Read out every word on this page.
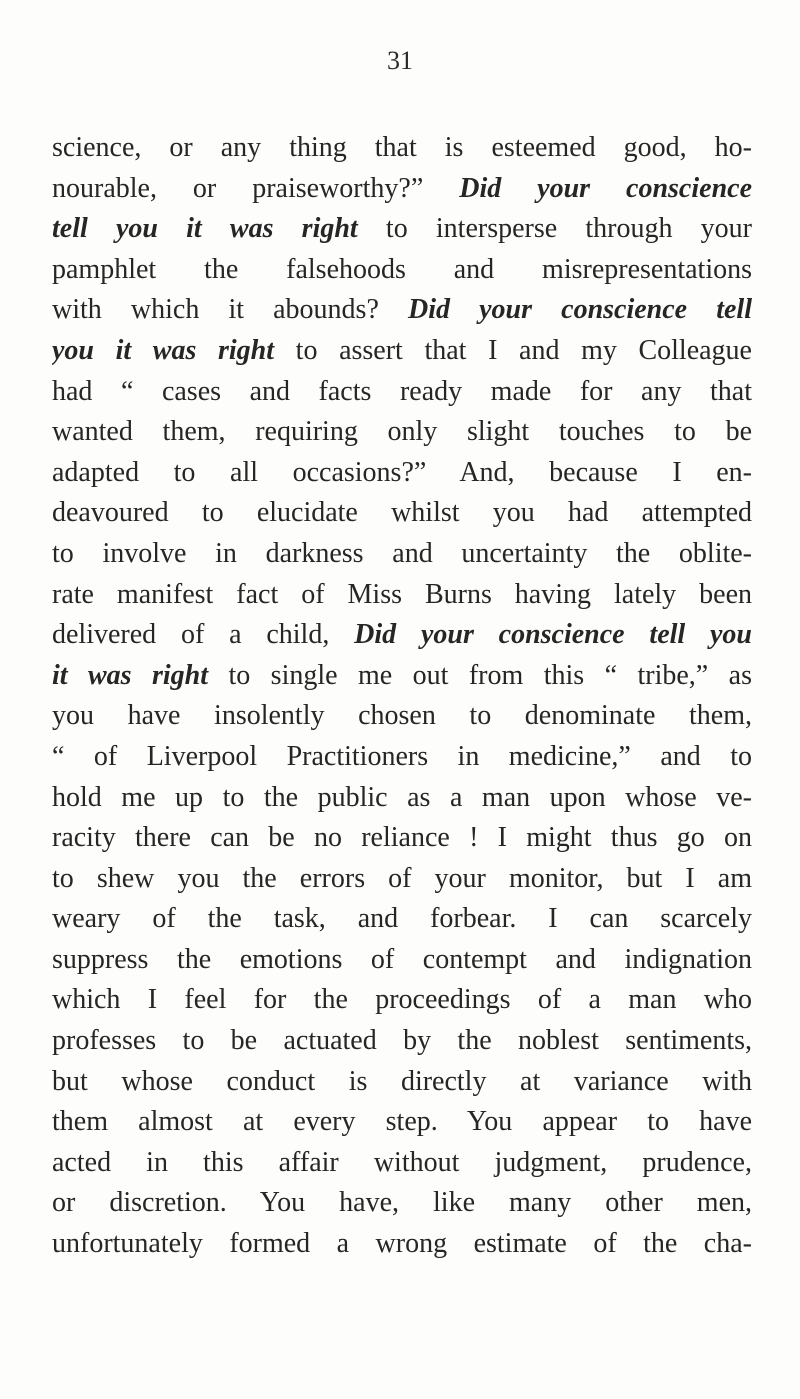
31
science, or any thing that is esteemed good, ho-
nourable, or praiseworthy?” Did your conscience
tell you it was right to intersperse through your
pamphlet the falsehoods and misrepresentations
with which it abounds? Did your conscience tell
you it was right to assert that I and my Colleague
had “ cases and facts ready made for any that
wanted them, requiring only slight touches to be
adapted to all occasions?” And, because I en-
deavoured to elucidate whilst you had attempted
to involve in darkness and uncertainty the oblite-
rate manifest fact of Miss Burns having lately been
delivered of a child, Did your conscience tell you
it was right to single me out from this “ tribe,” as
you have insolently chosen to denominate them,
“ of Liverpool Practitioners in medicine,” and to
hold me up to the public as a man upon whose ve-
racity there can be no reliance ! I might thus go on
to shew you the errors of your monitor, but I am
weary of the task, and forbear. I can scarcely
suppress the emotions of contempt and indignation
which I feel for the proceedings of a man who
professes to be actuated by the noblest sentiments,
but whose conduct is directly at variance with
them almost at every step. You appear to have
acted in this affair without judgment, prudence,
or discretion. You have, like many other men,
unfortunately formed a wrong estimate of the cha-
